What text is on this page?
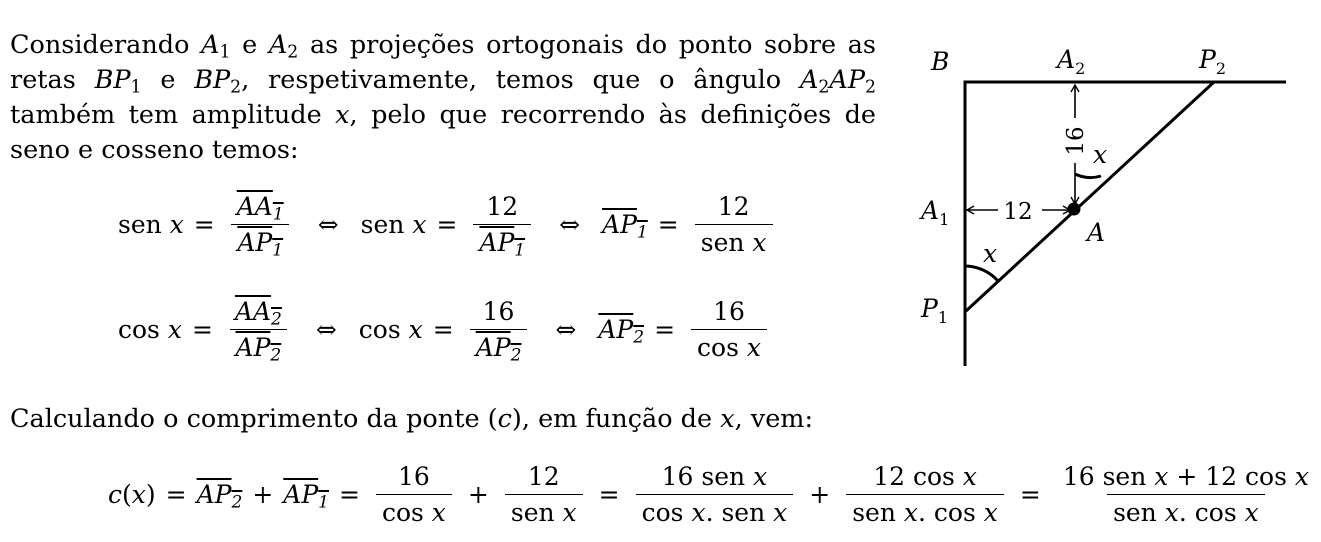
Considerando $A_1$ e $A_2$ as projeções ortogonais do ponto sobre as retas $BP_1$ e $BP_2$, respetivamente, temos que o ângulo $A_2AP_2$ também tem amplitude x, pelo que recorrendo às definições de seno e cosseno temos:
sen
$x = \frac{AA_1}{AP_1}$ ⇔ sen
$x = \frac{12}{AP_1}$ ⇔ $AP_1 = \frac{12}{\text{sen x}}$
cos
$x = \frac{AA_2}{AP_2}$ ⇔ cos
$x = \frac{16}{AP_2}$ ⇔ $AP_2 = \frac{16}{\text{cos x}}$
Calculando o comprimento da ponte (c), em função de x, vem:
c ( x ) = $AP_2 + AP_1 = \frac{16}{\text{cos x}} + \frac{12}{\text{sen x}} = \frac{\text{16 sen x}}{\text{cos x. sen x}} + \frac{\text{12 cos x}}{\text{sen x. cos x}} = \frac{\text{16 sen x + 12 cos x}}{\text{sen x. cos x}}$
12
16
B	$A_2$	$P_2$
$A_1$	A
$P_1$
x
x
